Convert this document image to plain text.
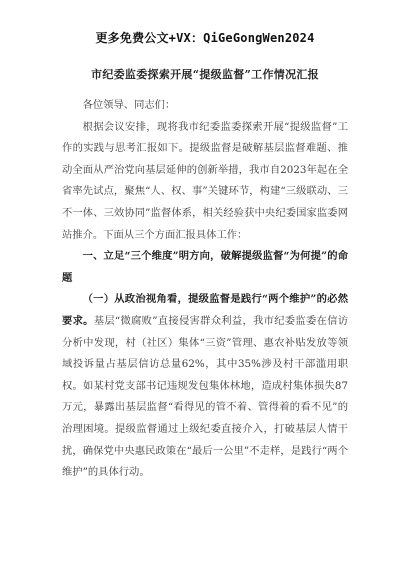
更多免费公文+VX：QiGeGongWen2024
市纪委监委探索开展“提级监督”工作情况汇报

各位领导、同志们：

根据会议安排，现将我市纪委监委探索开展“提级监督”工作的实践与思考汇报如下。提级监督是破解基层监督难题、推动全面从严治党向基层延伸的创新举措，我市自2023年起在全省率先试点，聚焦“人、权、事”关键环节，构建“三级联动、三不一体、三效协同”监督体系，相关经验获中央纪委国家监委网站推介。下面从三个方面汇报具体工作：

一、立足“三个维度”明方向，破解提级监督“为何提”的命题

（一）从政治视角看，提级监督是践行“两个维护”的必然要求。基层“微腐败”直接侵害群众利益，我市纪委监委在信访分析中发现，村（社区）集体“三资”管理、惠农补贴发放等领域投诉量占基层信访总量62%，其中35%涉及村干部滥用职权。如某村党支部书记违规发包集体林地，造成村集体损失87万元，暴露出基层监督“看得见的管不着、管得着的看不见”的治理困境。提级监督通过上级纪委直接介入，打破基层人情干扰，确保党中央惠民政策在“最后一公里”不走样，是践行“两个维护”的具体行动。
